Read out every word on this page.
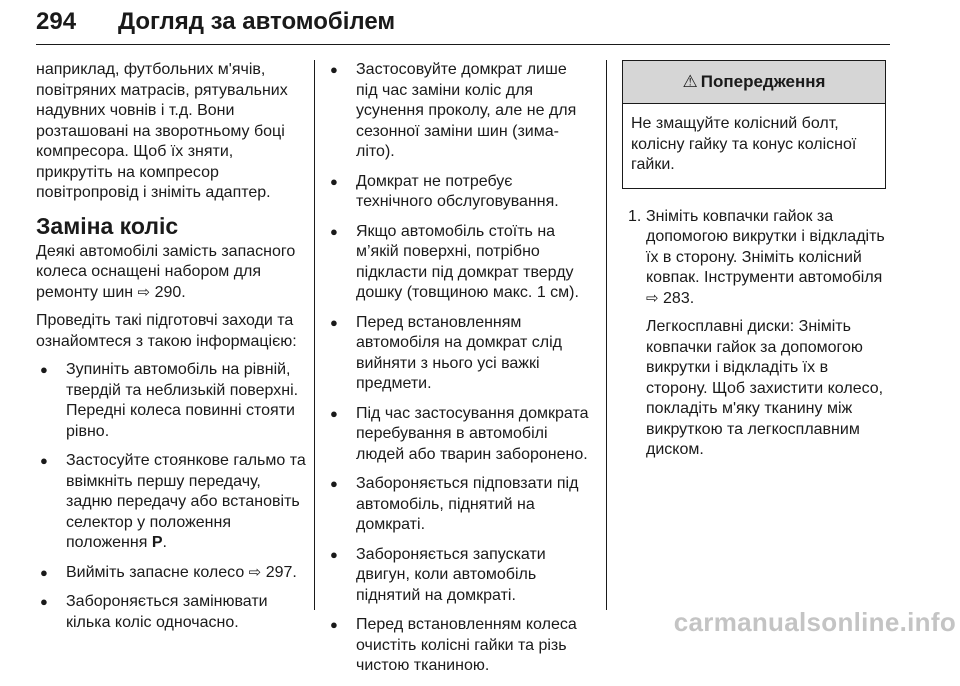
294 Догляд за автомобілем

наприклад, футбольних м'ячів, повітряних матрасів, рятувальних надувних човнів і т.д. Вони розташовані на зворотньому боці компресора. Щоб їх зняти, прикрутіть на компресор повітропровід і зніміть адаптер.

Заміна коліс

Деякі автомобілі замість запасного колеса оснащені набором для ремонту шин ⇨ 290.

Проведіть такі підготовчі заходи та ознайомтеся з такою інформацією:

● Зупиніть автомобіль на рівній, твердій та неблизькій поверхні. Передні колеса повинні стояти рівно.
● Застосуйте стоянкове гальмо та ввімкніть першу передачу, задню передачу або встановіть селектор у положення положення P.
● Вийміть запасне колесо ⇨ 297.
● Забороняється замінювати кілька коліс одночасно.
● Застосовуйте домкрат лише під час заміни коліс для усунення проколу, але не для сезонної заміни шин (зима-літо).
● Домкрат не потребує технічного обслуговування.
● Якщо автомобіль стоїть на м’якій поверхні, потрібно підкласти під домкрат тверду дошку (товщиною макс. 1 см).
● Перед встановленням автомобіля на домкрат слід вийняти з нього усі важкі предмети.
● Під час застосування домкрата перебування в автомобілі людей або тварин заборонено.
● Забороняється підповзати під автомобіль, піднятий на домкраті.
● Забороняється запускати двигун, коли автомобіль піднятий на домкраті.
● Перед встановленням колеса очистіть колісні гайки та різь чистою тканиною.
⚠ Попередження
Не змащуйте колісний болт, колісну гайку та конус колісної гайки.
1. Зніміть ковпачки гайок за допомогою викрутки і відкладіть їх в сторону. Зніміть колісний ковпак. Інструменти автомобіля ⇨ 283.
Легкосплавні диски: Зніміть ковпачки гайок за допомогою викрутки і відкладіть їх в сторону. Щоб захистити колесо, покладіть м'яку тканину між викруткою та легкосплавним диском.
carmanualsonline.info
